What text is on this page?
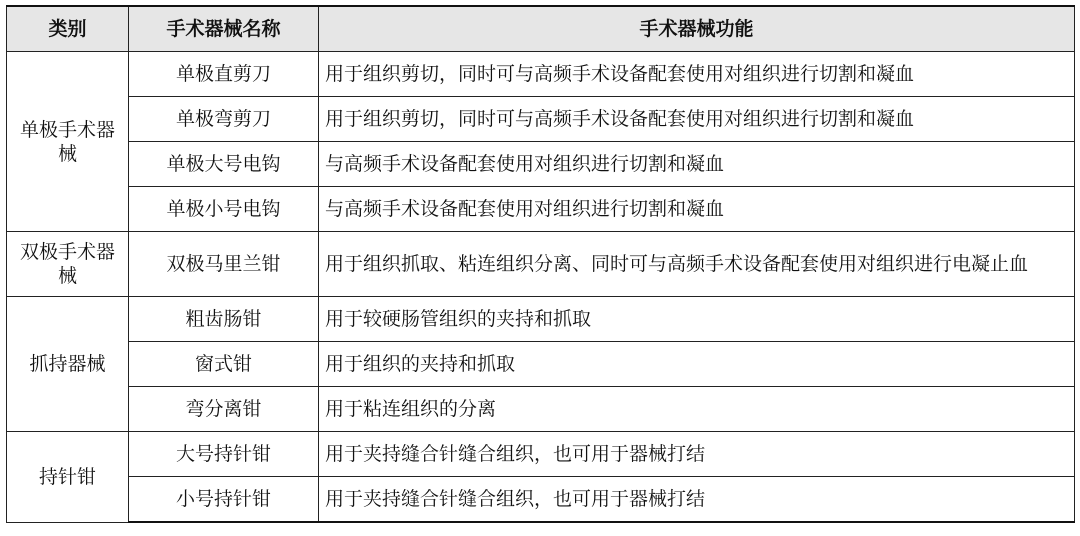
类别	手术器械名称	手术器械功能

单极手术器械	单极直剪刀	用于组织剪切，同时可与高频手术设备配套使用对组织进行切割和凝血
	单极弯剪刀	用于组织剪切，同时可与高频手术设备配套使用对组织进行切割和凝血
	单极大号电钩	与高频手术设备配套使用对组织进行切割和凝血
	单极小号电钩	与高频手术设备配套使用对组织进行切割和凝血

双极手术器械	双极马里兰钳	用于组织抓取、粘连组织分离、同时可与高频手术设备配套使用对组织进行电凝止血
抓持器械	粗齿肠钳	用于较硬肠管组织的夹持和抓取
	窗式钳	用于组织的夹持和抓取
	弯分离钳	用于粘连组织的分离
持针钳	大号持针钳	用于夹持缝合针缝合组织，也可用于器械打结
	小号持针钳	用于夹持缝合针缝合组织，也可用于器械打结
